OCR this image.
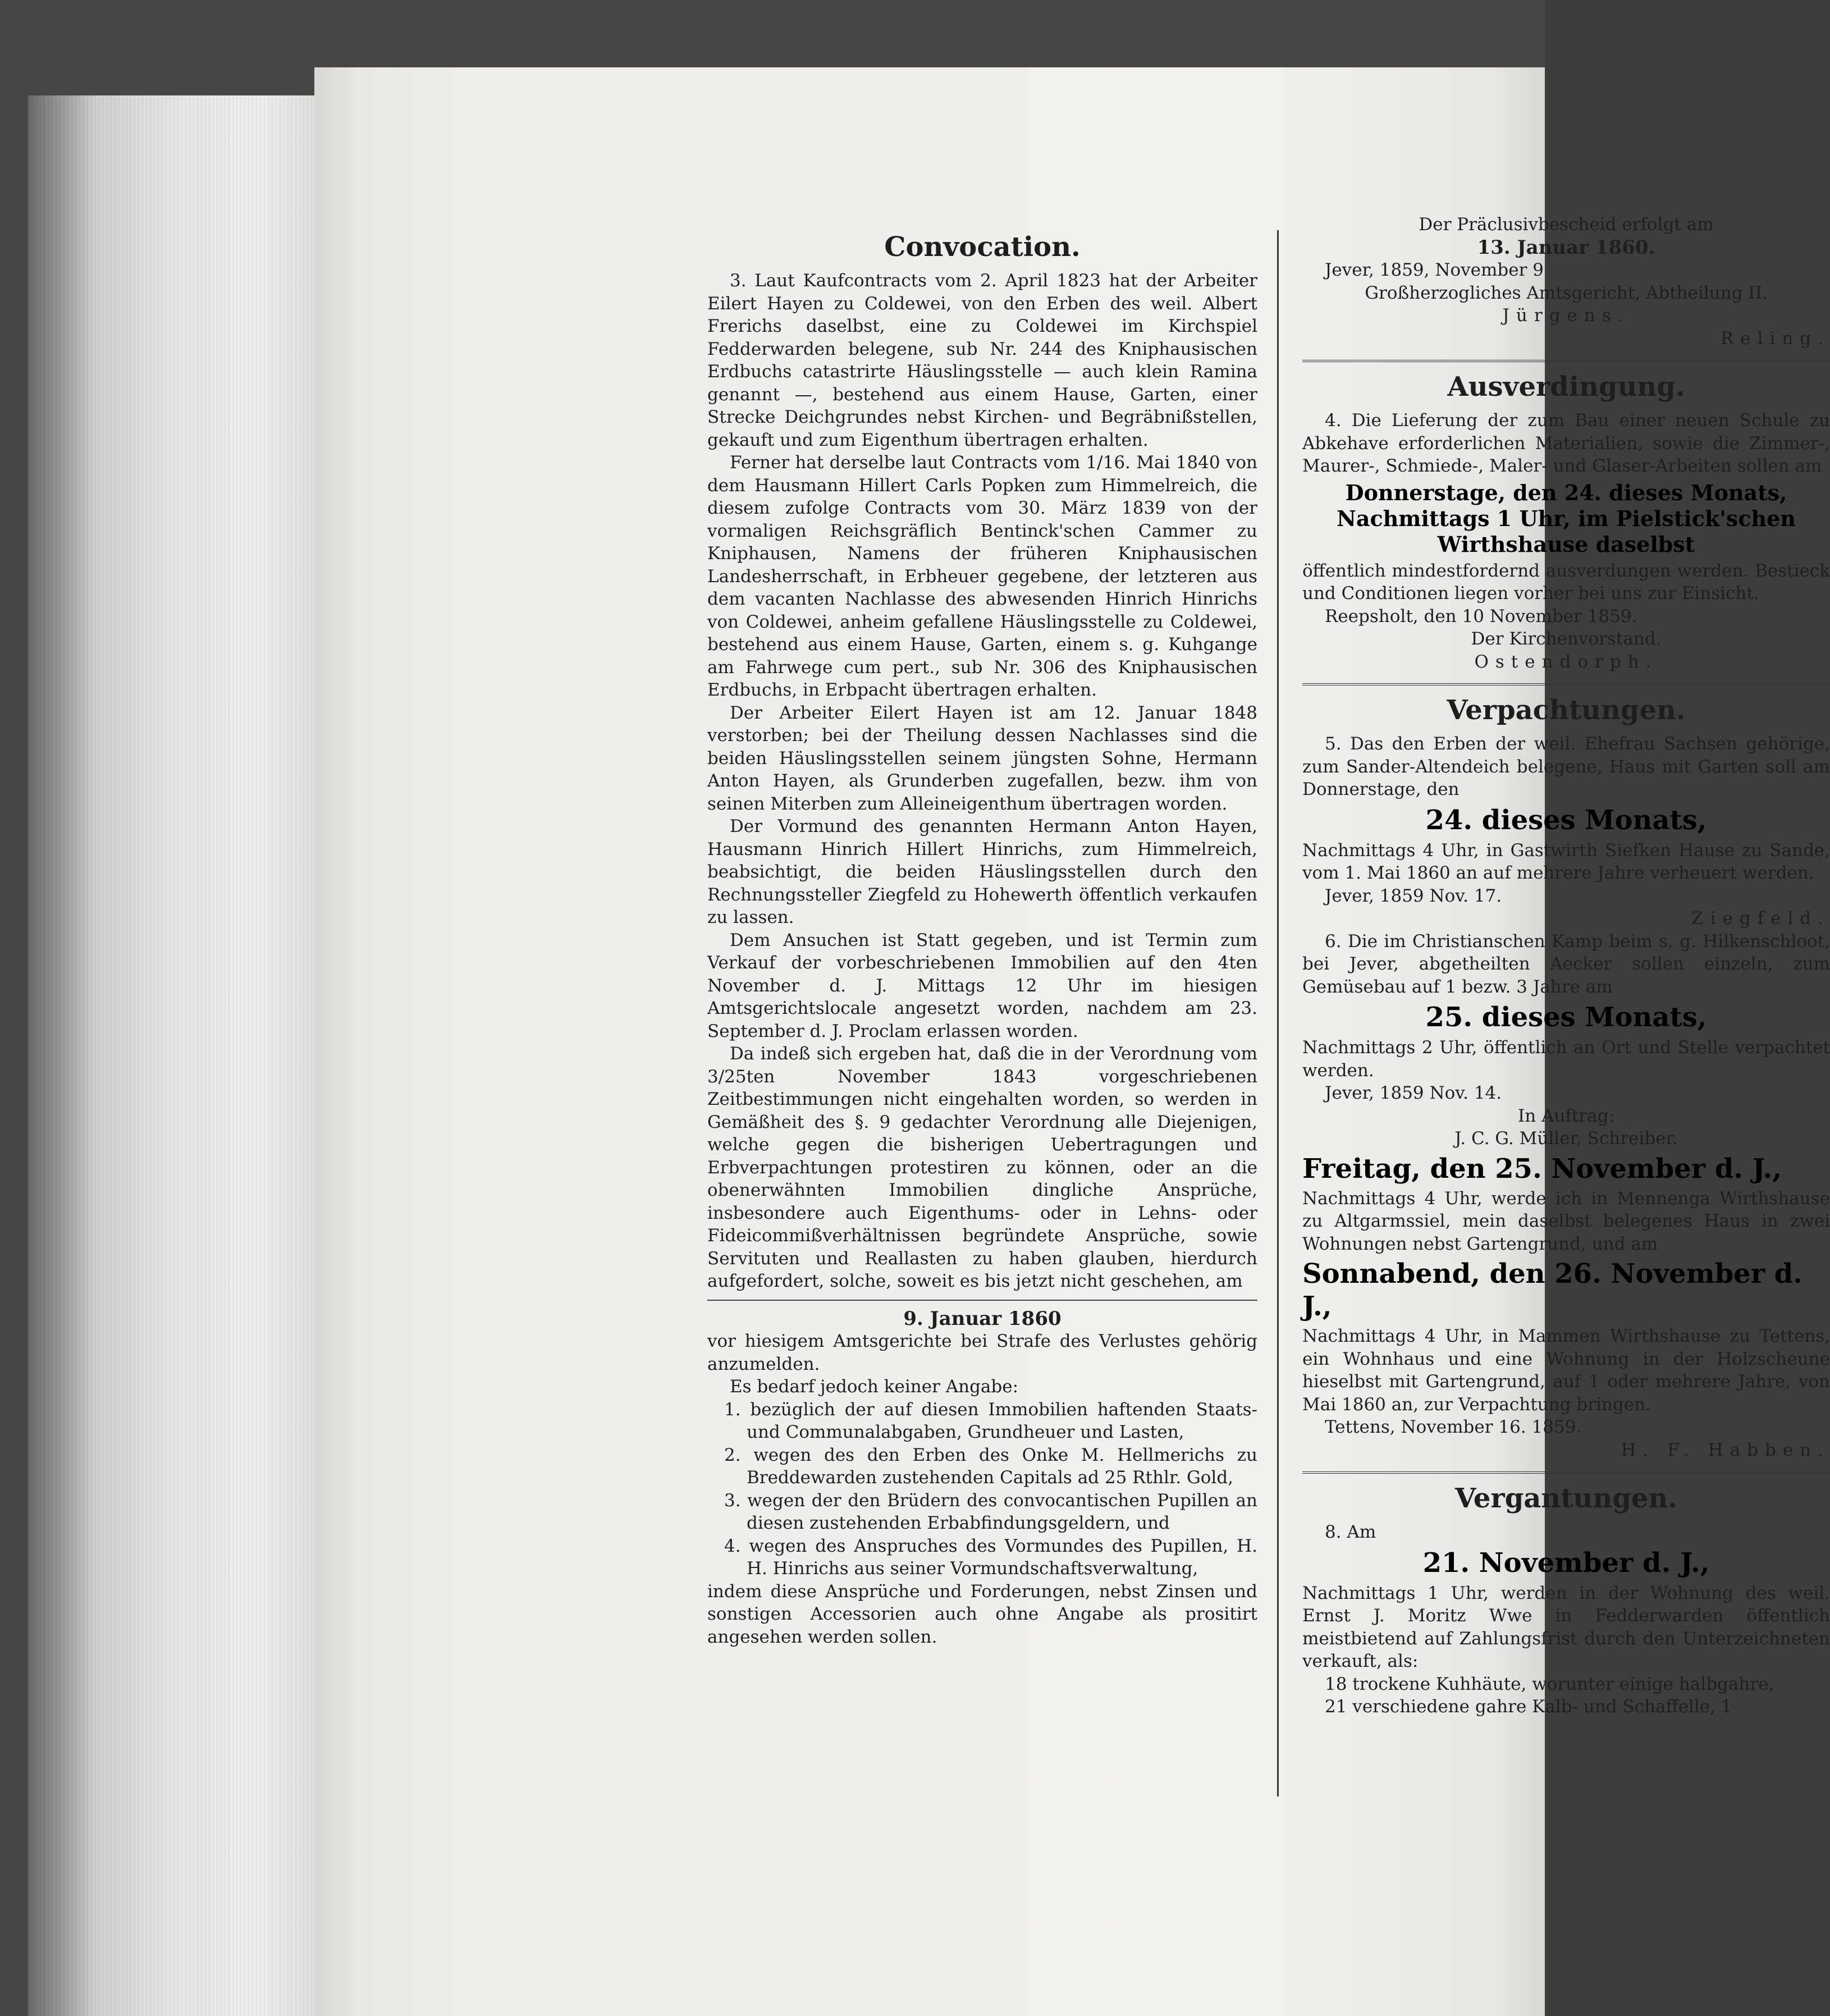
Convocation.

3. Laut Kaufcontracts vom 2. April 1823 hat der Arbeiter Eilert Hayen zu Coldewei, von den Erben des weil. Albert Frerichs daselbst, eine zu Coldewei im Kirchspiel Fedderwarden belegene, sub Nr. 244 des Kniphausischen Erdbuchs catastrirte Häuslingsstelle — auch klein Ramina genannt —, bestehend aus einem Hause, Garten, einer Strecke Deichgrundes nebst Kirchen- und Begräbnißstellen, gekauft und zum Eigenthum übertragen erhalten.

Ferner hat derselbe laut Contracts vom 1/16. Mai 1840 von dem Hausmann Hillert Carls Popken zum Himmelreich, die diesem zufolge Contracts vom 30. März 1839 von der vormaligen Reichsgräflich Bentinck'schen Cammer zu Kniphausen, Namens der früheren Kniphausischen Landesherrschaft, in Erbheuer gegebene, der letzteren aus dem vacanten Nachlasse des abwesenden Hinrich Hinrichs von Coldewei, anheim gefallene Häuslingsstelle zu Coldewei, bestehend aus einem Hause, Garten, einem s. g. Kuhgange am Fahrwege cum pert., sub Nr. 306 des Kniphausischen Erdbuchs, in Erbpacht übertragen erhalten.

Der Arbeiter Eilert Hayen ist am 12. Januar 1848 verstorben; bei der Theilung dessen Nachlasses sind die beiden Häuslingsstellen seinem jüngsten Sohne, Hermann Anton Hayen, als Grunderben zugefallen, bezw. ihm von seinen Miterben zum Alleineigenthum übertragen worden.

Der Vormund des genannten Hermann Anton Hayen, Hausmann Hinrich Hillert Hinrichs, zum Himmelreich, beabsichtigt, die beiden Häuslingsstellen durch den Rechnungssteller Ziegfeld zu Hohewerth öffentlich verkaufen zu lassen.

Dem Ansuchen ist Statt gegeben, und ist Termin zum Verkauf der vorbeschriebenen Immobilien auf den 4ten November d. J. Mittags 12 Uhr im hiesigen Amtsgerichtslocale angesetzt worden, nachdem am 23. September d. J. Proclam erlassen worden.

Da indeß sich ergeben hat, daß die in der Verordnung vom 3/25ten November 1843 vorgeschriebenen Zeitbestimmungen nicht eingehalten worden, so werden in Gemäßheit des §. 9 gedachter Verordnung alle Diejenigen, welche gegen die bisherigen Uebertragungen und Erbverpachtungen protestiren zu können, oder an die obenerwähnten Immobilien dingliche Ansprüche, insbesondere auch Eigenthums- oder in Lehns- oder Fideicommißverhältnissen begründete Ansprüche, sowie Servituten und Reallasten zu haben glauben, hierdurch aufgefordert, solche, soweit es bis jetzt nicht geschehen, am

9. Januar 1860

vor hiesigem Amtsgerichte bei Strafe des Verlustes gehörig anzumelden.

Es bedarf jedoch keiner Angabe:

1. bezüglich der auf diesen Immobilien haftenden Staats- und Communalabgaben, Grundheuer und Lasten,

2. wegen des den Erben des Onke M. Hellmerichs zu Breddewarden zustehenden Capitals ad 25 Rthlr. Gold,

3. wegen der den Brüdern des convocantischen Pupillen an diesen zustehenden Erbabfindungsgeldern, und

4. wegen des Anspruches des Vormundes des Pupillen, H. H. Hinrichs aus seiner Vormundschaftsverwaltung,

indem diese Ansprüche und Forderungen, nebst Zinsen und sonstigen Accessorien auch ohne Angabe als prositirt angesehen werden sollen.

Der Präclusivbescheid erfolgt am

13. Januar 1860.

Jever, 1859, November 9

Großherzogliches Amtsgericht, Abtheilung II.

Jürgens.

Reling.

Ausverdingung.

4. Die Lieferung der zum Bau einer neuen Schule zu Abkehave erforderlichen Materialien, sowie die Zimmer-, Maurer-, Schmiede-, Maler- und Glaser-Arbeiten sollen am

Donnerstage, den 24. dieses Monats, Nachmittags 1 Uhr, im Pielstick'schen Wirthshause daselbst

öffentlich mindestfordernd ausverdungen werden. Bestieck und Conditionen liegen vorher bei uns zur Einsicht.

Reepsholt, den 10 November 1859.

Der Kirchenvorstand.

Ostendorph.

Verpachtungen.

5. Das den Erben der weil. Ehefrau Sachsen gehörige, zum Sander-Altendeich belegene, Haus mit Garten soll am Donnerstage, den

24. dieses Monats,

Nachmittags 4 Uhr, in Gastwirth Siefken Hause zu Sande, vom 1. Mai 1860 an auf mehrere Jahre verheuert werden.

Jever, 1859 Nov. 17.

Ziegfeld.

6. Die im Christianschen Kamp beim s. g. Hilkenschloot, bei Jever, abgetheilten Aecker sollen einzeln, zum Gemüsebau auf 1 bezw. 3 Jahre am

25. dieses Monats,

Nachmittags 2 Uhr, öffentlich an Ort und Stelle verpachtet werden.

Jever, 1859 Nov. 14.

In Auftrag:

J. C. G. Müller, Schreiber.

Freitag, den 25. November d. J.,

Nachmittags 4 Uhr, werde ich in Mennenga Wirthshause zu Altgarmssiel, mein daselbst belegenes Haus in zwei Wohnungen nebst Gartengrund, und am

Sonnabend, den 26. November d. J.,

Nachmittags 4 Uhr, in Mammen Wirthshause zu Tettens, ein Wohnhaus und eine Wohnung in der Holzscheune hieselbst mit Gartengrund, auf 1 oder mehrere Jahre, von Mai 1860 an, zur Verpachtung bringen.

Tettens, November 16. 1859.

H. F. Habben.

Vergantungen.

8. Am

21. November d. J.,

Nachmittags 1 Uhr, werden in der Wohnung des weil. Ernst J. Moritz Wwe in Fedderwarden öffentlich meistbietend auf Zahlungsfrist durch den Unterzeichneten verkauft, als:

18 trockene Kuhhäute, worunter einige halbgahre,

21 verschiedene gahre Kalb- und Schaffelle, 1
